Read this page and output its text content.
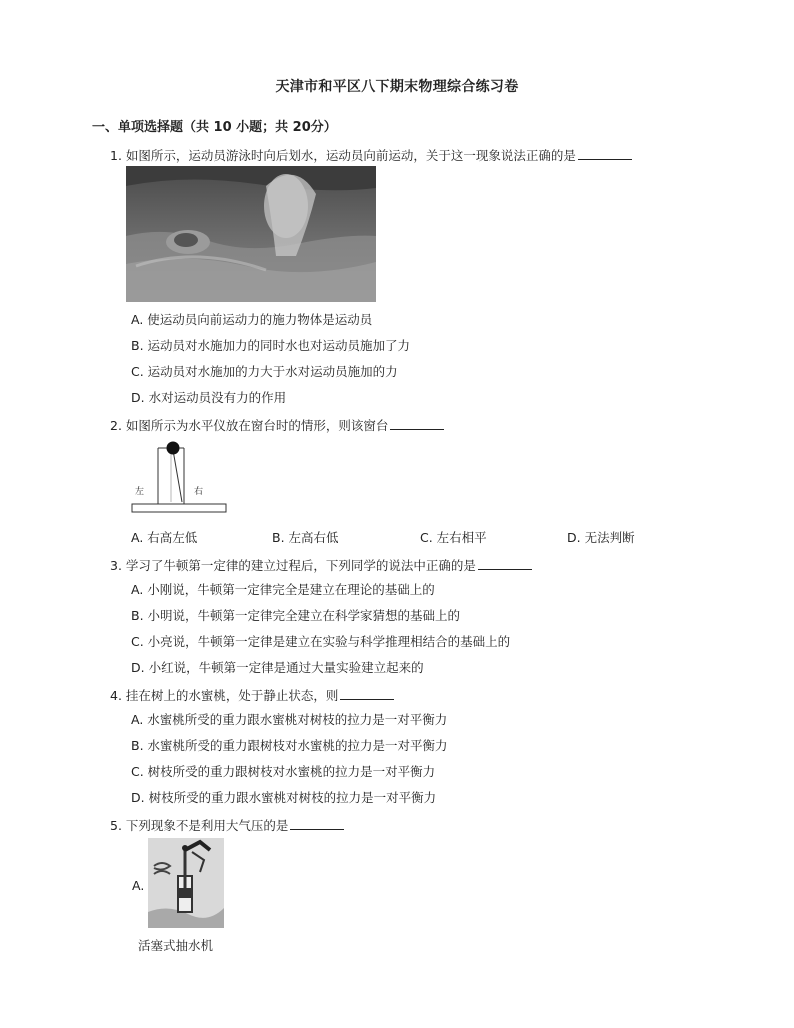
天津市和平区八下期末物理综合练习卷
一、单项选择题（共 10 小题；共 20分）
1. 如图所示，运动员游泳时向后划水，运动员向前运动，关于这一现象说法正确的是
A. 使运动员向前运动力的施力物体是运动员
B. 运动员对水施加力的同时水也对运动员施加了力
C. 运动员对水施加的力大于水对运动员施加的力
D. 水对运动员没有力的作用
2. 如图所示为水平仪放在窗台时的情形，则该窗台
左	右
A. 右高左低	B. 左高右低	C. 左右相平	D. 无法判断
3. 学习了牛顿第一定律的建立过程后，下列同学的说法中正确的是
A. 小刚说，牛顿第一定律完全是建立在理论的基础上的
B. 小明说，牛顿第一定律完全建立在科学家猜想的基础上的
C. 小亮说，牛顿第一定律是建立在实验与科学推理相结合的基础上的
D. 小红说，牛顿第一定律是通过大量实验建立起来的
4. 挂在树上的水蜜桃，处于静止状态，则
A. 水蜜桃所受的重力跟水蜜桃对树枝的拉力是一对平衡力
B. 水蜜桃所受的重力跟树枝对水蜜桃的拉力是一对平衡力
C. 树枝所受的重力跟树枝对水蜜桃的拉力是一对平衡力
D. 树枝所受的重力跟水蜜桃对树枝的拉力是一对平衡力
5. 下列现象不是利用大气压的是
A.
活塞式抽水机
